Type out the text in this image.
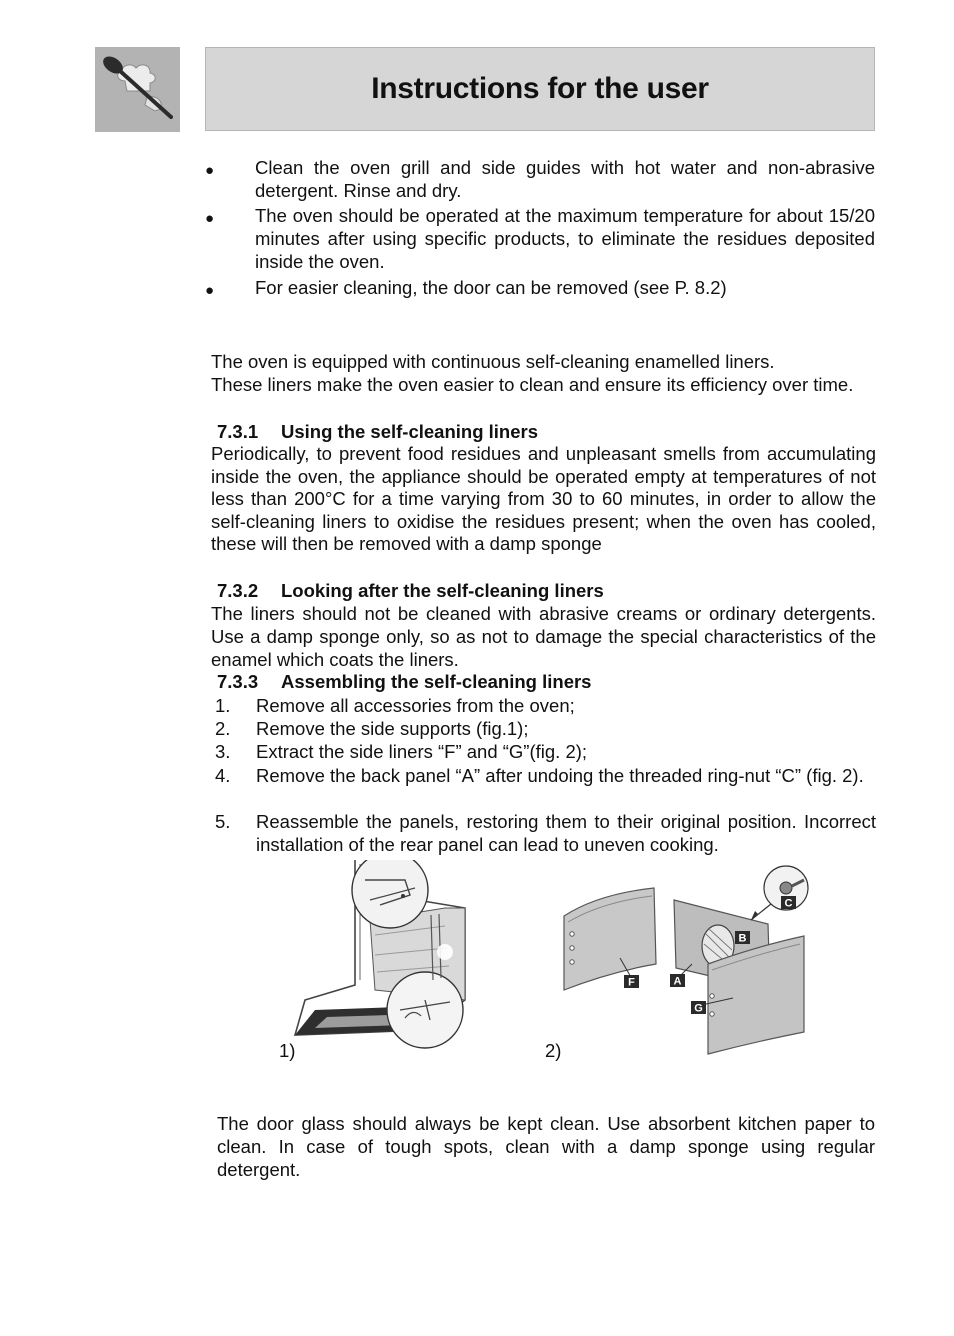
Instructions for the user
● Clean the oven grill and side guides with hot water and non-abrasive detergent. Rinse and dry.
● The oven should be operated at the maximum temperature for about 15/20 minutes after using specific products, to eliminate the residues deposited inside the oven.
● For easier cleaning, the door can be removed (see P. 8.2)
The oven is equipped with continuous self-cleaning enamelled liners.
These liners make the oven easier to clean and ensure its efficiency over time.
7.3.1 Using the self-cleaning liners
Periodically, to prevent food residues and unpleasant smells from accumulating inside the oven, the appliance should be operated empty at temperatures of not less than 200°C for a time varying from 30 to 60 minutes, in order to allow the self-cleaning liners to oxidise the residues present; when the oven has cooled, these will then be removed with a damp sponge
7.3.2 Looking after the self-cleaning liners
The liners should not be cleaned with abrasive creams or ordinary detergents. Use a damp sponge only, so as not to damage the special characteristics of the enamel which coats the liners.
7.3.3 Assembling the self-cleaning liners
1. Remove all accessories from the oven;
2. Remove the side supports (fig.1);
3. Extract the side liners “F” and “G”(fig. 2);
4. Remove the back panel “A” after undoing the threaded ring-nut “C” (fig. 2).
5. Reassemble the panels, restoring them to their original position. Incorrect installation of the rear panel can lead to uneven cooking.
1)
C
B
A
F
G
2)
The door glass should always be kept clean. Use absorbent kitchen paper to clean. In case of tough spots, clean with a damp sponge using regular detergent.
